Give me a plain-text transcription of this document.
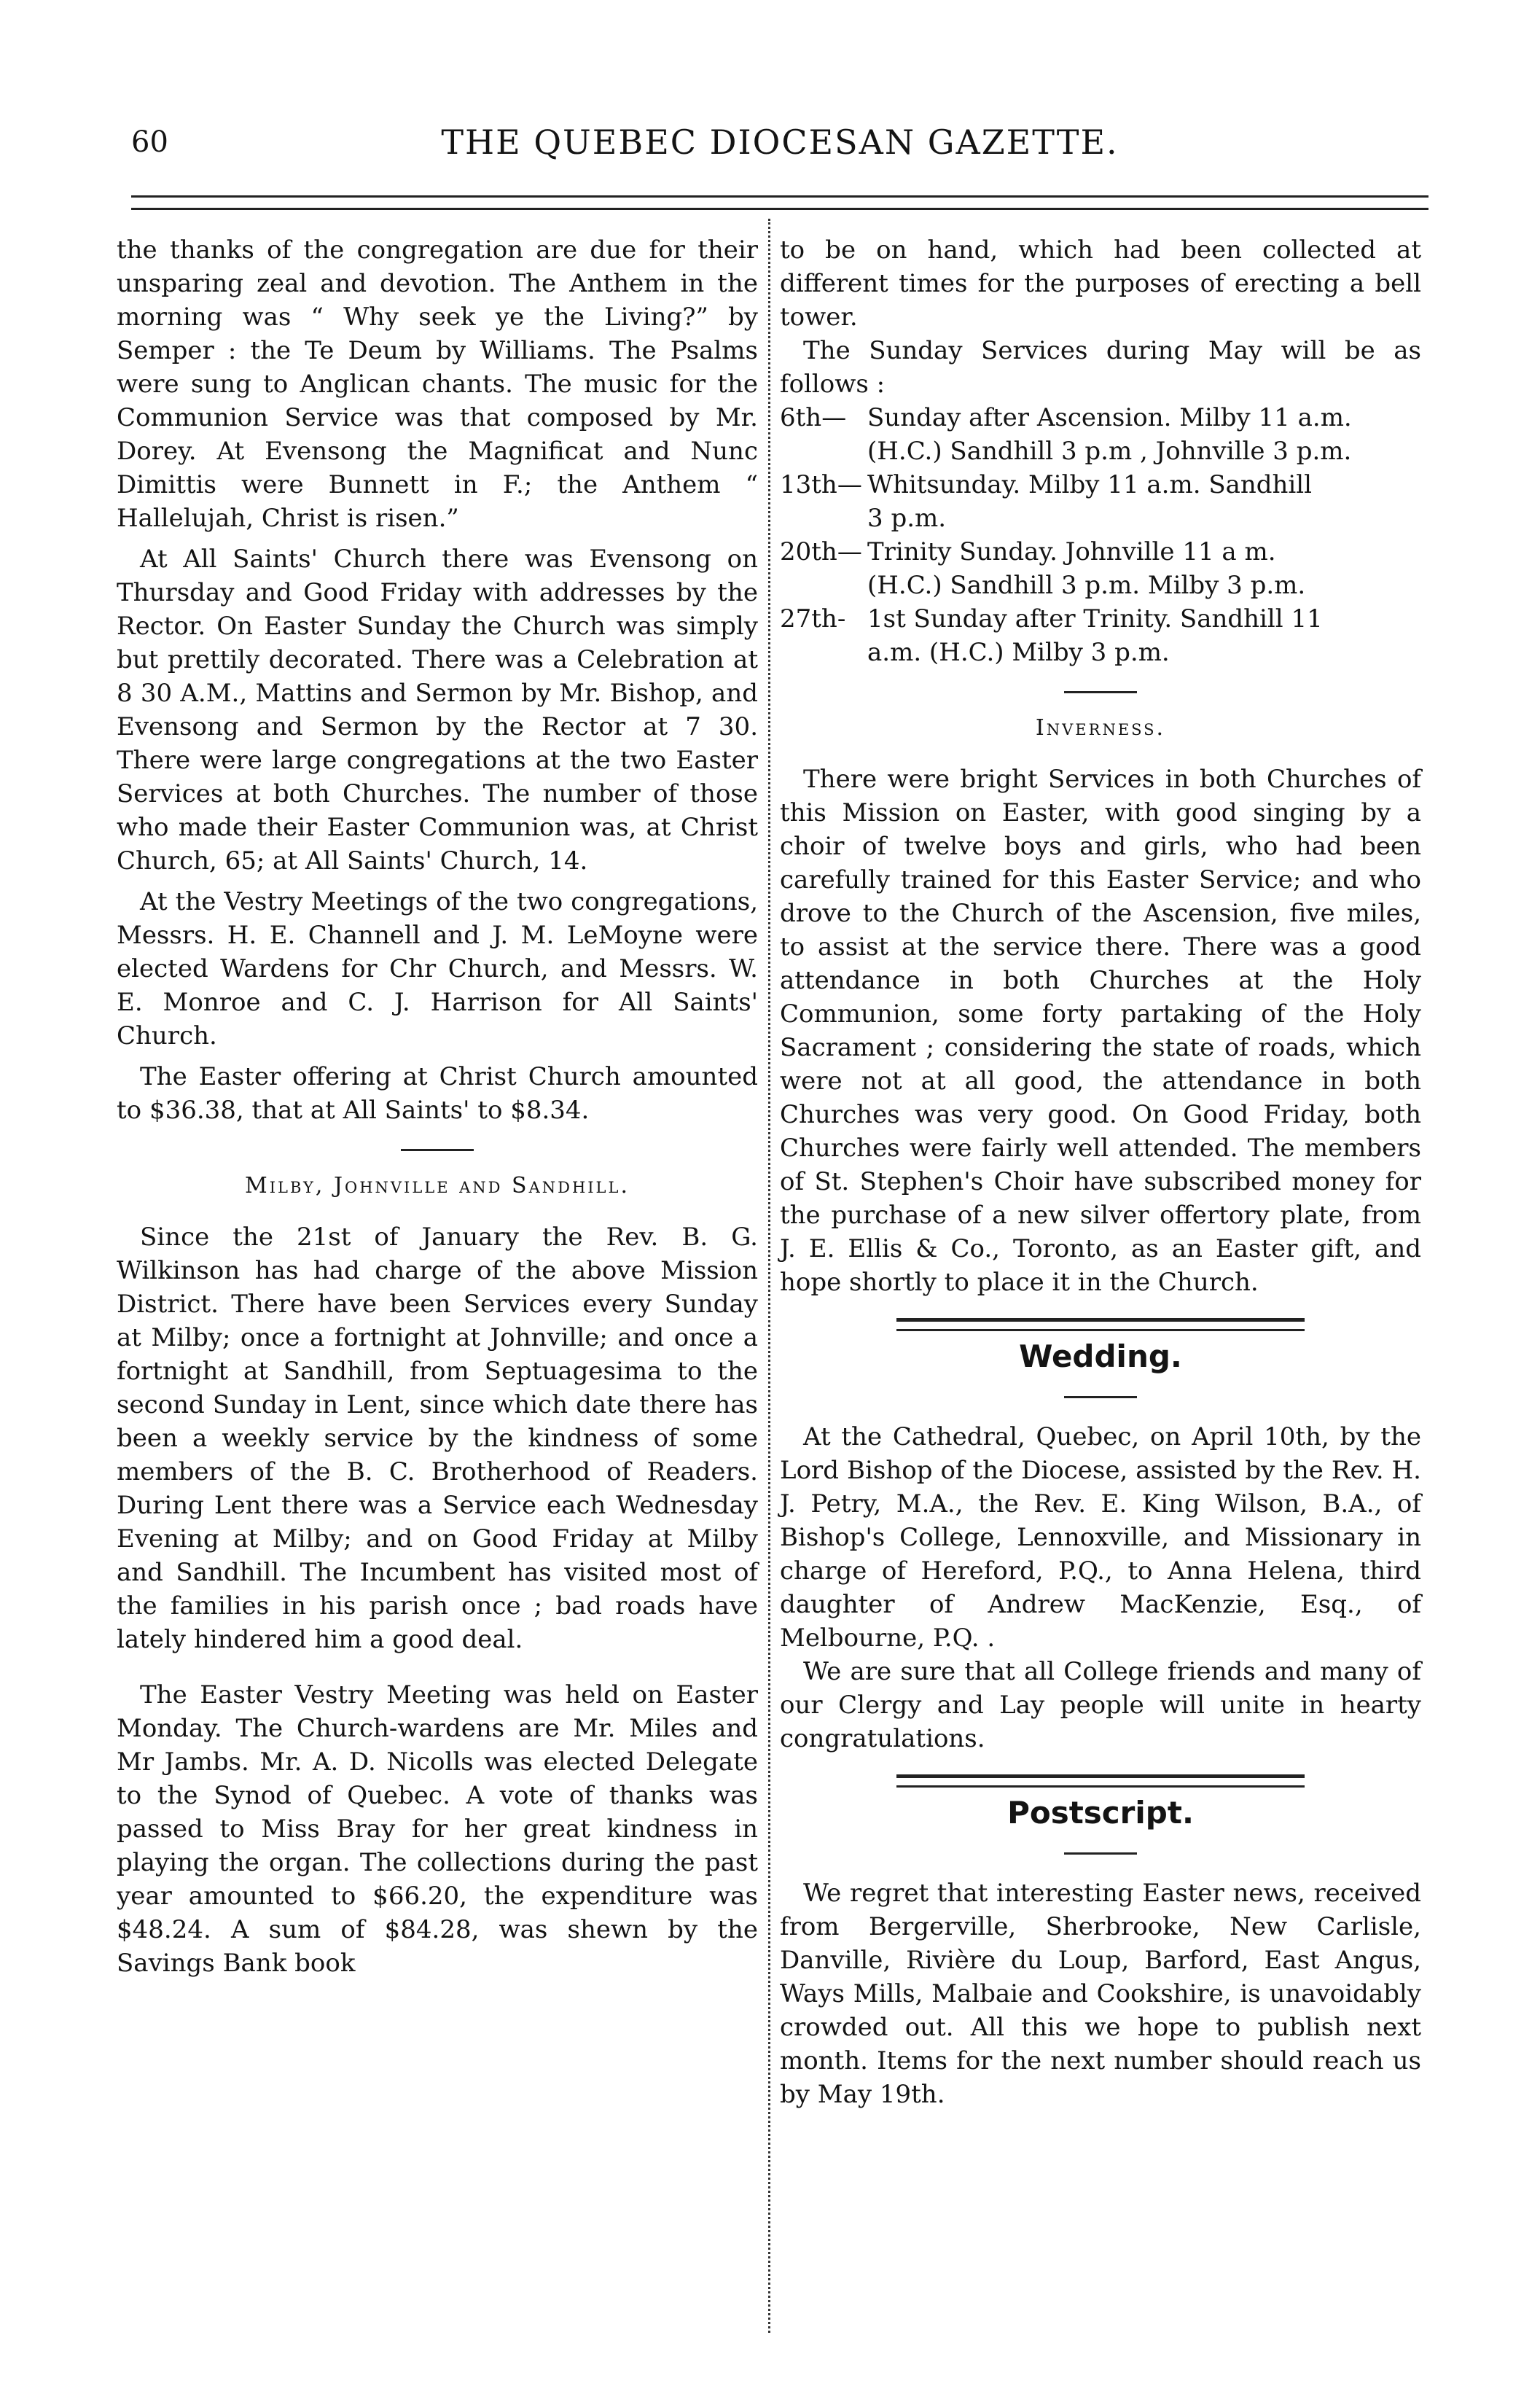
60	THE QUEBEC DIOCESAN GAZETTE.

the thanks of the congregation are due for their unsparing zeal and devotion. The Anthem in the morning was “ Why seek ye the Living?” by Semper : the Te Deum by Williams. The Psalms were sung to Anglican chants. The music for the Communion Service was that composed by Mr. Dorey. At Evensong the Magnificat and Nunc Dimittis were Bunnett in F.; the Anthem “ Hallelujah, Christ is risen.”

At All Saints' Church there was Evensong on Thursday and Good Friday with addresses by the Rector. On Easter Sunday the Church was simply but prettily decorated. There was a Celebration at 8 30 A.M., Mattins and Sermon by Mr. Bishop, and Evensong and Sermon by the Rector at 7 30. There were large congregations at the two Easter Services at both Churches. The number of those who made their Easter Communion was, at Christ Church, 65; at All Saints' Church, 14.

At the Vestry Meetings of the two congregations, Messrs. H. E. Channell and J. M. LeMoyne were elected Wardens for Chr Church, and Messrs. W. E. Monroe and C. J. Harrison for All Saints' Church.

The Easter offering at Christ Church amounted to $36.38, that at All Saints' to $8.34.

Milby, Johnville and Sandhill.

Since the 21st of January the Rev. B. G. Wilkinson has had charge of the above Mission District. There have been Services every Sunday at Milby; once a fortnight at Johnville; and once a fortnight at Sandhill, from Septuagesima to the second Sunday in Lent, since which date there has been a weekly service by the kindness of some members of the B. C. Brotherhood of Readers. During Lent there was a Service each Wednesday Evening at Milby; and on Good Friday at Milby and Sandhill. The Incumbent has visited most of the families in his parish once ; bad roads have lately hindered him a good deal.

The Easter Vestry Meeting was held on Easter Monday. The Church-wardens are Mr. Miles and Mr Jambs. Mr. A. D. Nicolls was elected Delegate to the Synod of Quebec. A vote of thanks was passed to Miss Bray for her great kindness in playing the organ. The collections during the past year amounted to $66.20, the expenditure was $48.24. A sum of $84.28, was shewn by the Savings Bank book

to be on hand, which had been collected at different times for the purposes of erecting a bell tower.

The Sunday Services during May will be as follows :

6th— Sunday after Ascension. Milby 11 a.m.
(H.C.) Sandhill 3 p.m , Johnville 3 p.m.
13th— Whitsunday. Milby 11 a.m. Sandhill
3 p.m.
20th— Trinity Sunday. Johnville 11 a m.
(H.C.) Sandhill 3 p.m. Milby 3 p.m.
27th- 1st Sunday after Trinity. Sandhill 11
a.m. (H.C.) Milby 3 p.m.
Inverness.

There were bright Services in both Churches of this Mission on Easter, with good singing by a choir of twelve boys and girls, who had been carefully trained for this Easter Service; and who drove to the Church of the Ascension, five miles, to assist at the service there. There was a good attendance in both Churches at the Holy Communion, some forty partaking of the Holy Sacrament ; considering the state of roads, which were not at all good, the attendance in both Churches was very good. On Good Friday, both Churches were fairly well attended. The members of St. Stephen's Choir have subscribed money for the purchase of a new silver offertory plate, from J. E. Ellis & Co., Toronto, as an Easter gift, and hope shortly to place it in the Church.

Wedding.

At the Cathedral, Quebec, on April 10th, by the Lord Bishop of the Diocese, assisted by the Rev. H. J. Petry, M.A., the Rev. E. King Wilson, B.A., of Bishop's College, Lennoxville, and Missionary in charge of Hereford, P.Q., to Anna Helena, third daughter of Andrew MacKenzie, Esq., of Melbourne, P.Q. .

We are sure that all College friends and many of our Clergy and Lay people will unite in hearty congratulations.

Postscript.

We regret that interesting Easter news, received from Bergerville, Sherbrooke, New Carlisle, Danville, Rivière du Loup, Barford, East Angus, Ways Mills, Malbaie and Cookshire, is unavoidably crowded out. All this we hope to publish next month. Items for the next number should reach us by May 19th.
